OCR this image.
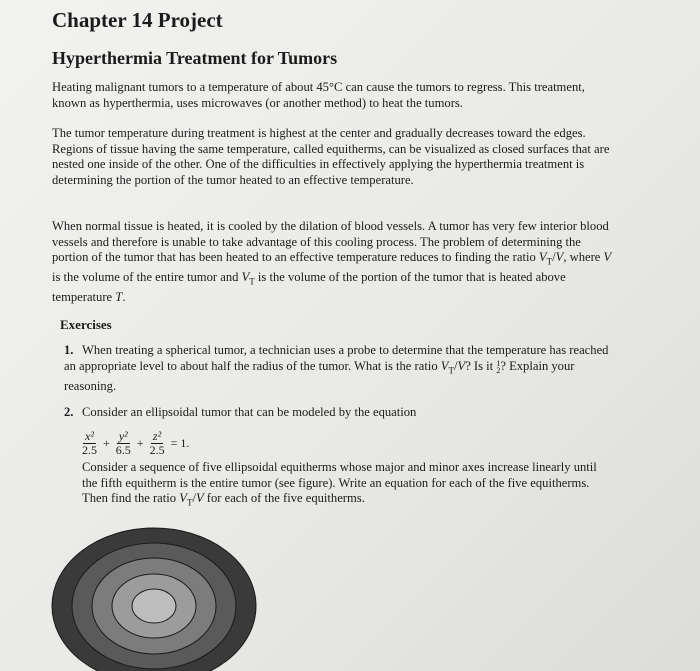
Chapter 14 Project
Hyperthermia Treatment for Tumors
Heating malignant tumors to a temperature of about 45°C can cause the tumors to regress. This treatment, known as hyperthermia, uses microwaves (or another method) to heat the tumors.
The tumor temperature during treatment is highest at the center and gradually decreases toward the edges. Regions of tissue having the same temperature, called equitherms, can be visualized as closed surfaces that are nested one inside of the other. One of the difficulties in effectively applying the hyperthermia treatment is determining the portion of the tumor heated to an effective temperature.
When normal tissue is heated, it is cooled by the dilation of blood vessels. A tumor has very few interior blood vessels and therefore is unable to take advantage of this cooling process. The problem of determining the portion of the tumor that has been heated to an effective temperature reduces to finding the ratio $V_T/V$, where V is the volume of the entire tumor and $V_T$ is the volume of the portion of the tumor that is heated above temperature T.
Exercises
1. When treating a spherical tumor, a technician uses a probe to determine that the temperature has reached an appropriate level to about half the radius of the tumor. What is the ratio $V_T/V$? Is it 1
2 ? Explain your reasoning.
2. Consider an ellipsoidal tumor that can be modeled by the equation
$\frac{\text{x²}}{2.5} + \frac{\text{y²}}{6.5} + \frac{\text{z²}}{2.5} = 1$.
Consider a sequence of five ellipsoidal equitherms whose major and minor axes increase linearly until the fifth equitherm is the entire tumor (see figure). Write an equation for each of the five equitherms. Then find the ratio $V_T/V$ for each of the five equitherms.
